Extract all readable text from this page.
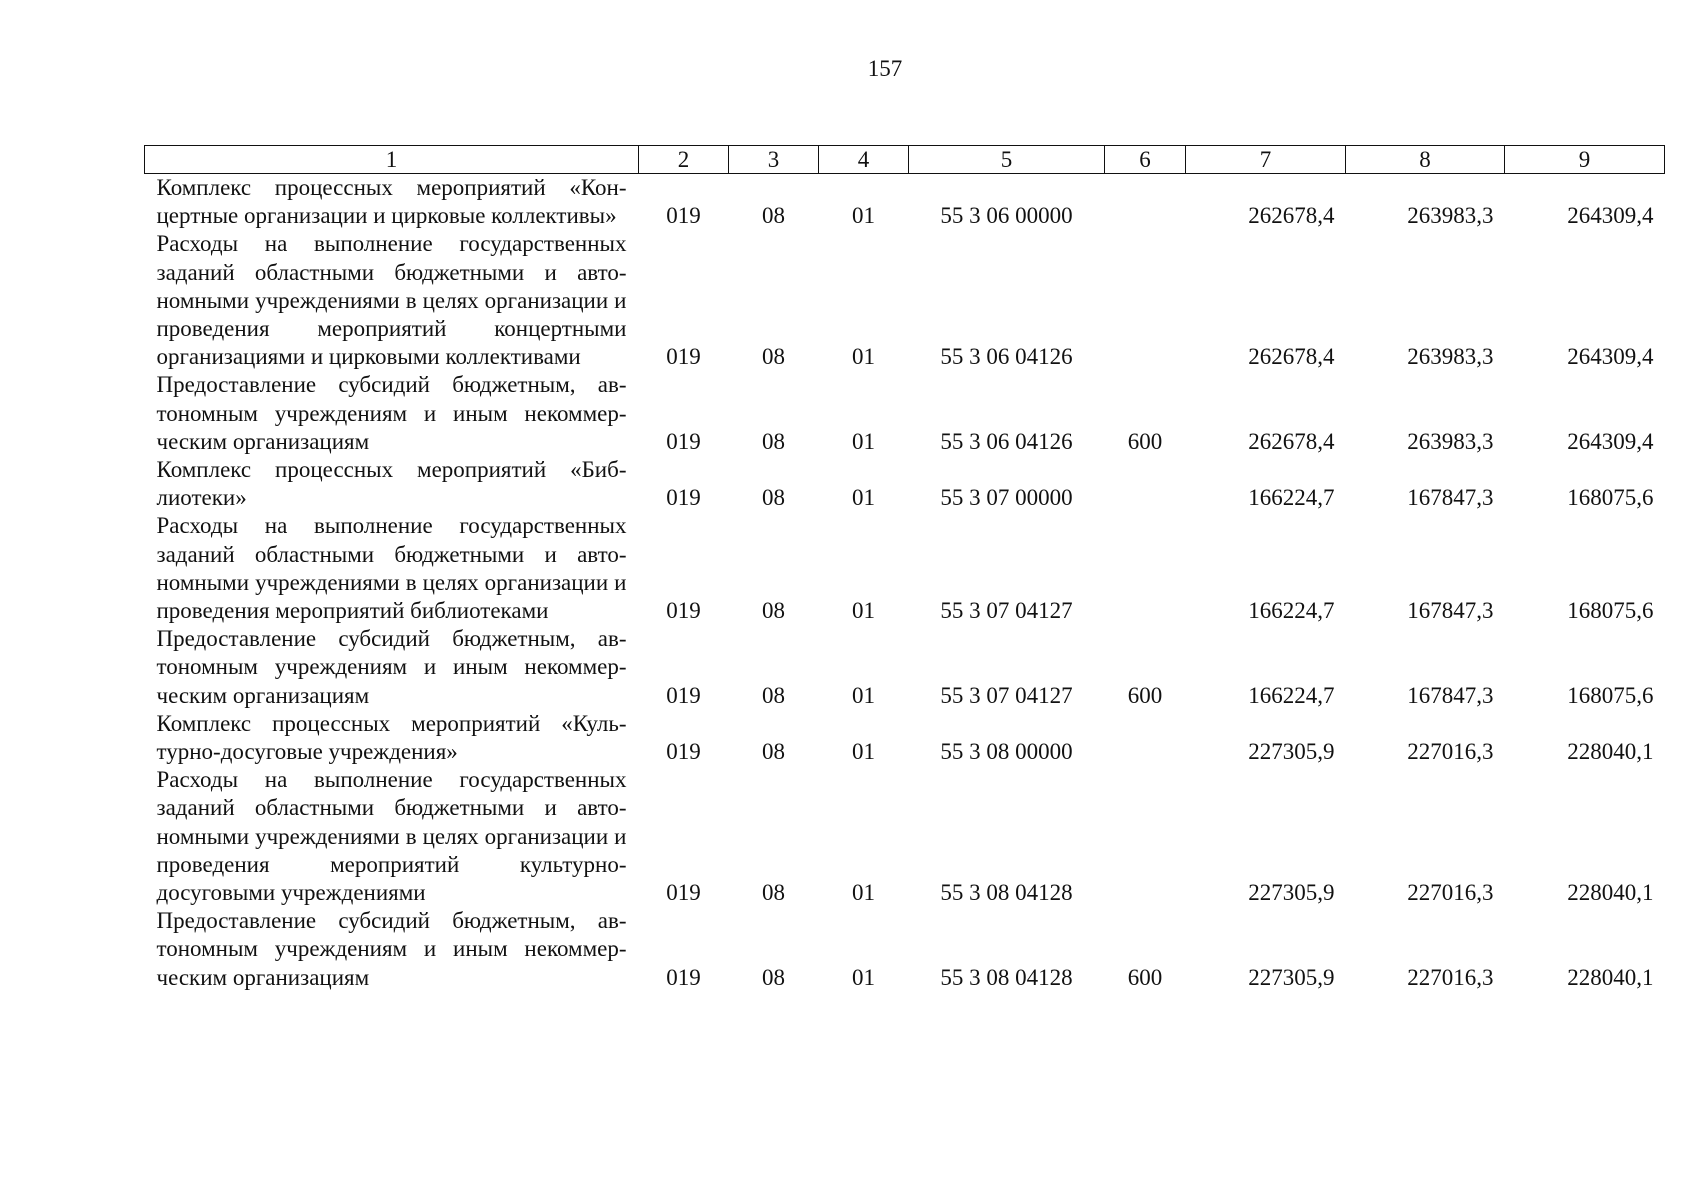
157
1	2	3	4	5	6	7	8	9
Комплекс процессных мероприятий «Концертные организации и цирковые коллективы»	019	08	01	55 3 06 00000		262678,4	263983,3	264309,4
Расходы на выполнение государственных заданий областными бюджетными и автономными учреждениями в целях организации и проведения мероприятий концертными организациями и цирковыми коллективами	019	08	01	55 3 06 04126		262678,4	263983,3	264309,4
Предоставление субсидий бюджетным, автономным учреждениям и иным некоммерческим организациям	019	08	01	55 3 06 04126	600	262678,4	263983,3	264309,4
Комплекс процессных мероприятий «Библиотеки»	019	08	01	55 3 07 00000		166224,7	167847,3	168075,6
Расходы на выполнение государственных заданий областными бюджетными и автономными учреждениями в целях организации и проведения мероприятий библиотеками	019	08	01	55 3 07 04127		166224,7	167847,3	168075,6
Предоставление субсидий бюджетным, автономным учреждениям и иным некоммерческим организациям	019	08	01	55 3 07 04127	600	166224,7	167847,3	168075,6
Комплекс процессных мероприятий «Культурно-досуговые учреждения»	019	08	01	55 3 08 00000		227305,9	227016,3	228040,1
Расходы на выполнение государственных заданий областными бюджетными и автономными учреждениями в целях организации и проведения мероприятий культурно-досуговыми учреждениями	019	08	01	55 3 08 04128		227305,9	227016,3	228040,1
Предоставление субсидий бюджетным, автономным учреждениям и иным некоммерческим организациям	019	08	01	55 3 08 04128	600	227305,9	227016,3	228040,1
